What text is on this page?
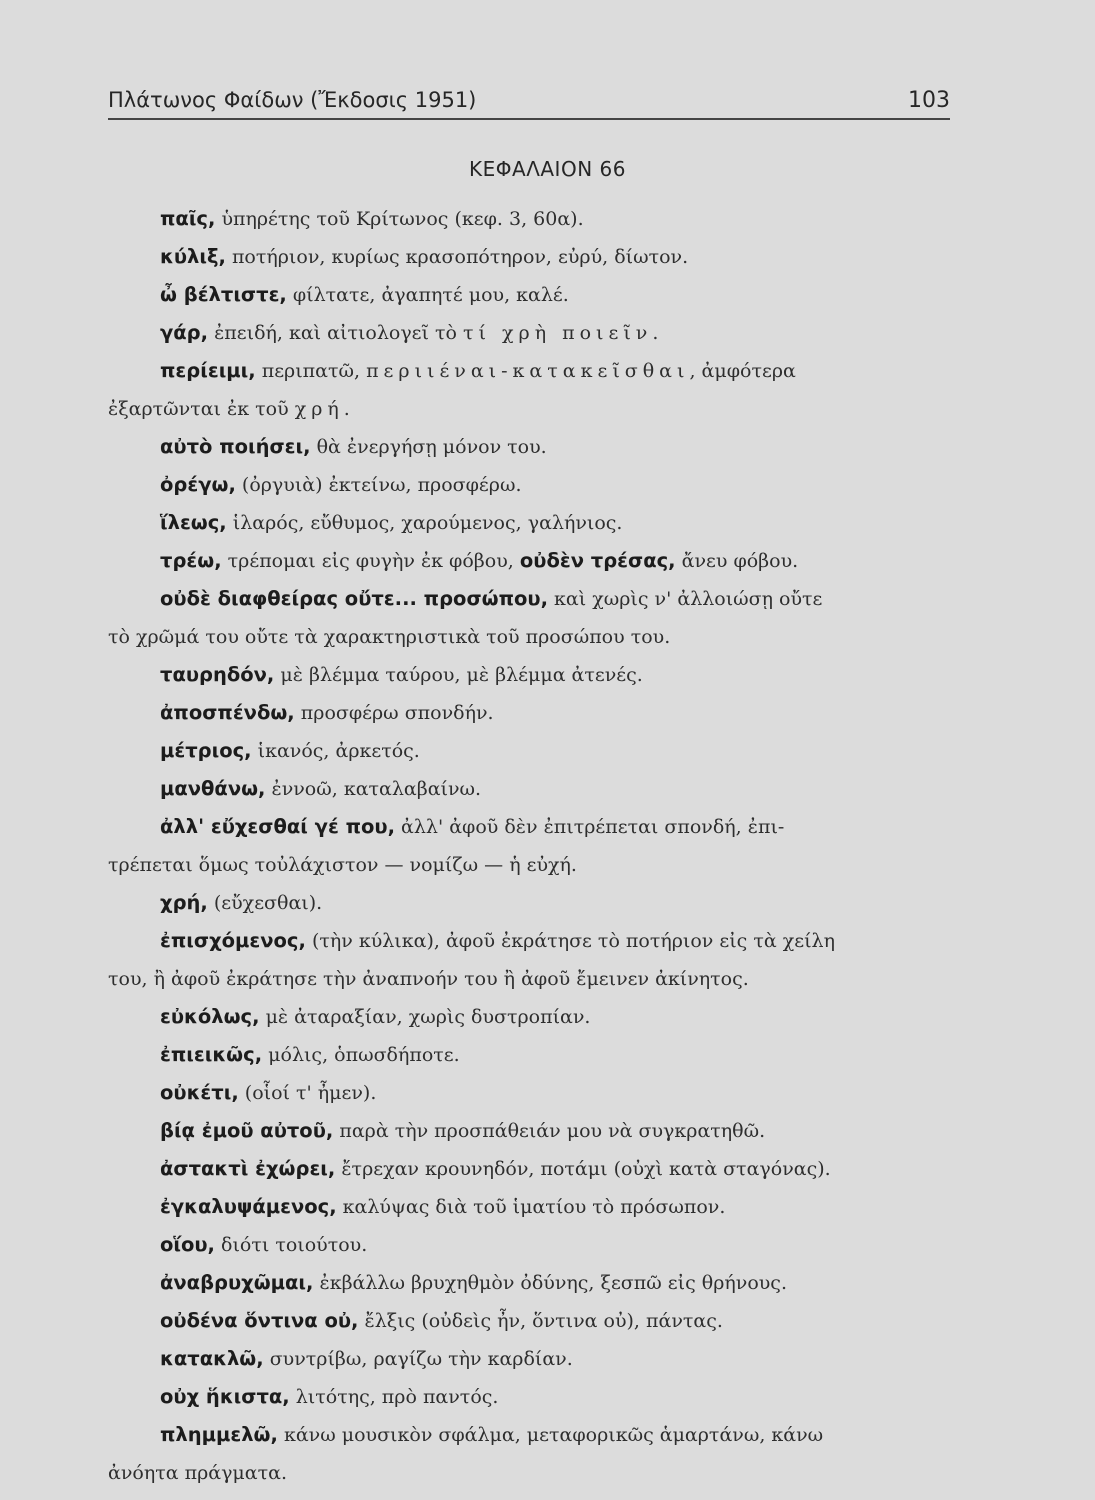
Πλάτωνος Φαίδων (Ἔκδοσις 1951)	103
ΚΕΦΑΛΑΙΟΝ 66
παῖς, ὑπηρέτης τοῦ Κρίτωνος (κεφ. 3, 60α).
κύλιξ, ποτήριον, κυρίως κρασοπότηρον, εὐρύ, δίωτον.
ὦ βέλτιστε, φίλτατε, ἀγαπητέ μου, καλέ.
γάρ, ἐπειδή, καὶ αἰτιολογεῖ τὸ τί χρὴ ποιεῖν.
περίειμι, περιπατῶ, περιιέναι-κατακεῖσθαι, ἀμφότερα
ἐξαρτῶνται ἐκ τοῦ χρή.
αὐτὸ ποιήσει, θὰ ἐνεργήσῃ μόνον του.
ὀρέγω, (ὀργυιὰ) ἐκτείνω, προσφέρω.
ἵλεως, ἱλαρός, εὔθυμος, χαρούμενος, γαλήνιος.
τρέω, τρέπομαι εἰς φυγὴν ἐκ φόβου, οὐδὲν τρέσας, ἄνευ φόβου.
οὐδὲ διαφθείρας οὔτε... προσώπου, καὶ χωρὶς ν' ἀλλοιώσῃ οὔτε
τὸ χρῶμά του οὔτε τὰ χαρακτηριστικὰ τοῦ προσώπου του.
ταυρηδόν, μὲ βλέμμα ταύρου, μὲ βλέμμα ἀτενές.
ἀποσπένδω, προσφέρω σπονδήν.
μέτριος, ἱκανός, ἀρκετός.
μανθάνω, ἐννοῶ, καταλαβαίνω.
ἀλλ' εὔχεσθαί γέ που, ἀλλ' ἀφοῦ δὲν ἐπιτρέπεται σπονδή, ἐπι-
τρέπεται ὅμως τοὐλάχιστον — νομίζω — ἡ εὐχή.
χρή, (εὔχεσθαι).
ἐπισχόμενος, (τὴν κύλικα), ἀφοῦ ἐκράτησε τὸ ποτήριον εἰς τὰ χείλη
του, ἢ ἀφοῦ ἐκράτησε τὴν ἀναπνοήν του ἢ ἀφοῦ ἔμεινεν ἀκίνητος.
εὐκόλως, μὲ ἀταραξίαν, χωρὶς δυστροπίαν.
ἐπιεικῶς, μόλις, ὁπωσδήποτε.
οὐκέτι, (οἷοί τ' ἦμεν).
βίᾳ ἐμοῦ αὐτοῦ, παρὰ τὴν προσπάθειάν μου νὰ συγκρατηθῶ.
ἀστακτὶ ἐχώρει, ἔτρεχαν κρουνηδόν, ποτάμι (οὐχὶ κατὰ σταγόνας).
ἐγκαλυψάμενος, καλύψας διὰ τοῦ ἱματίου τὸ πρόσωπον.
οἵου, διότι τοιούτου.
ἀναβρυχῶμαι, ἐκβάλλω βρυχηθμὸν ὀδύνης, ξεσπῶ εἰς θρήνους.
οὐδένα ὅντινα οὐ, ἔλξις (οὐδεὶς ἦν, ὅντινα οὐ), πάντας.
κατακλῶ, συντρίβω, ραγίζω τὴν καρδίαν.
οὐχ ἥκιστα, λιτότης, πρὸ παντός.
πλημμελῶ, κάνω μουσικὸν σφάλμα, μεταφορικῶς ἁμαρτάνω, κάνω
ἀνόητα πράγματα.
